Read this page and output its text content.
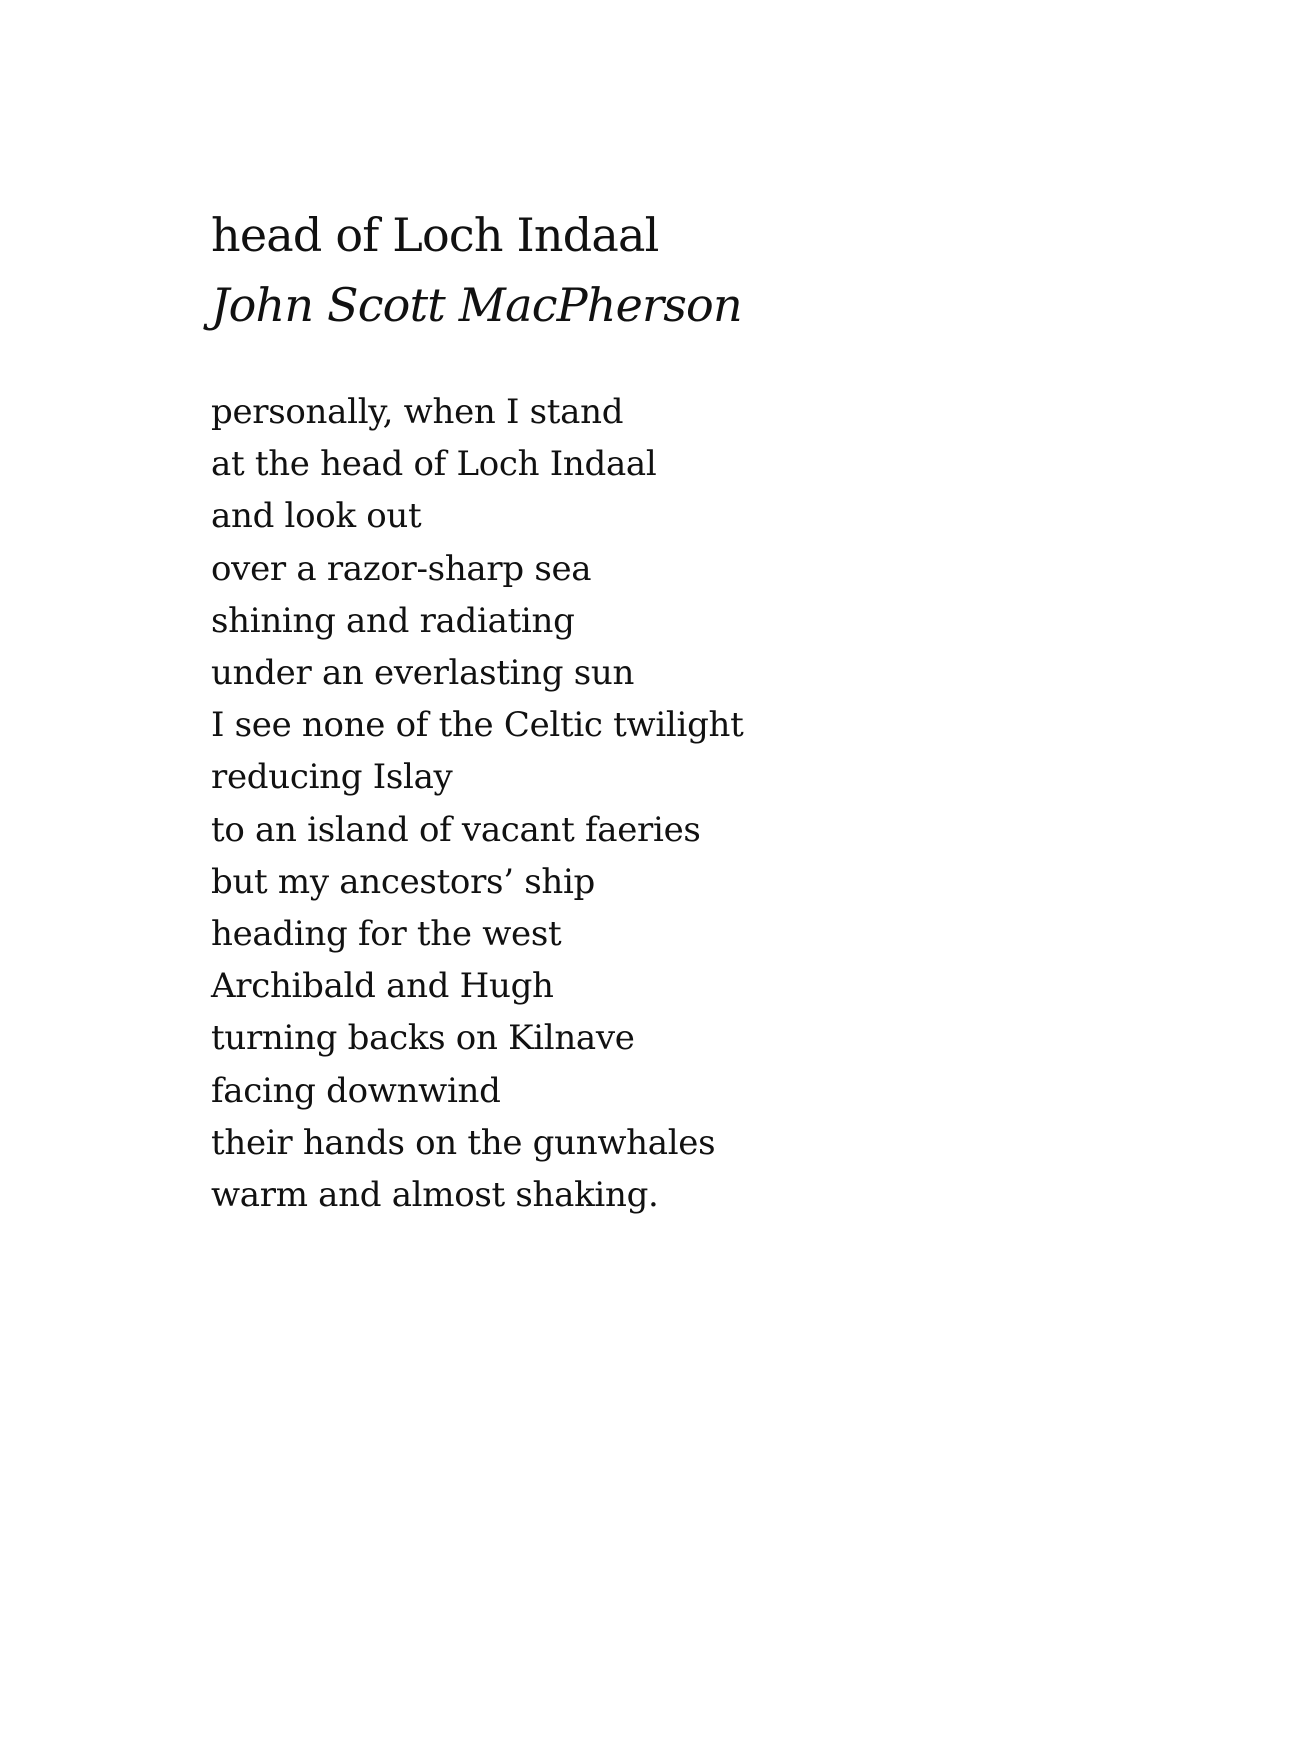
head of Loch Indaal

John Scott MacPherson

personally, when I stand
at the head of Loch Indaal
and look out
over a razor-sharp sea
shining and radiating
under an everlasting sun
I see none of the Celtic twilight
reducing Islay
to an island of vacant faeries
but my ancestors’ ship
heading for the west
Archibald and Hugh
turning backs on Kilnave
facing downwind
their hands on the gunwhales
warm and almost shaking.
